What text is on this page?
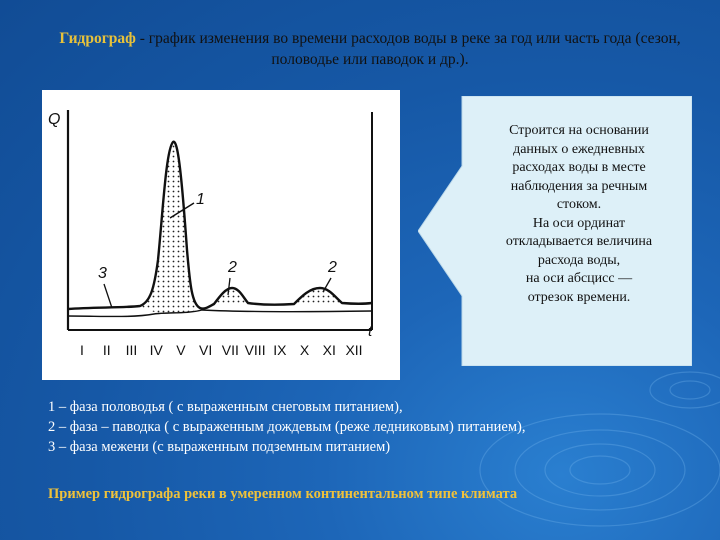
Гидрограф - график изменения во времени расходов воды в реке за год или часть года (сезон, половодье или паводок и др.).
Q
t
1
2	2
3
I II III IV V VI VII VIII IX X XI XII
Строится на основании
данных о ежедневных
расходах воды в месте
наблюдения за речным
стоком.
На оси ординат
откладывается величина
расхода воды,
на оси абсцисс —
отрезок времени.
1 – фаза половодья ( с выраженным снеговым питанием),
2 – фаза – паводка ( с выраженным дождевым (реже ледниковым) питанием),
3 – фаза межени (с выраженным подземным питанием)
Пример гидрографа реки в умеренном континентальном типе климата
